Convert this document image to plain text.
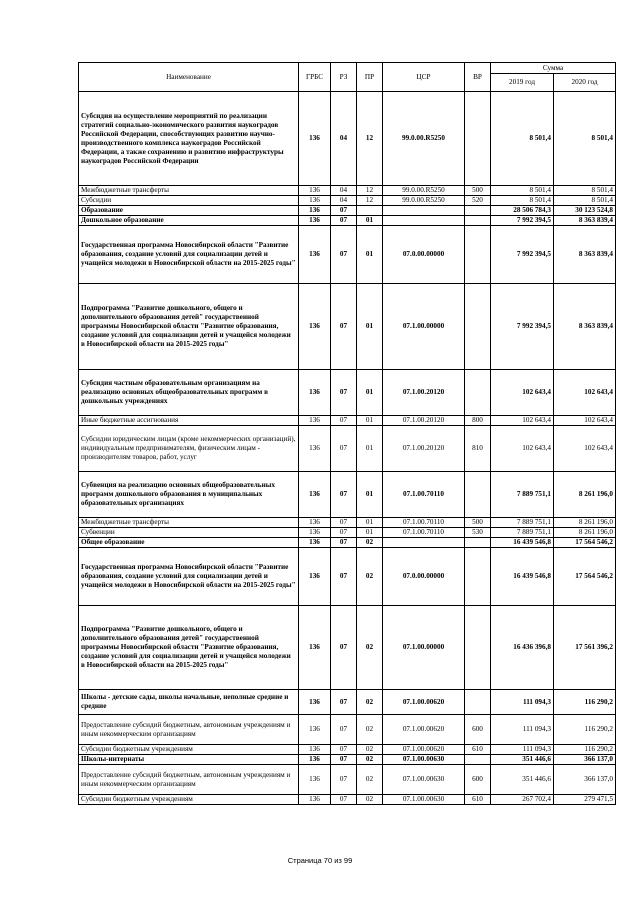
Наименование	ГРБС	РЗ	ПР	ЦСР	ВР	Сумма	
						2019 год	2020 год
Субсидия на осуществление мероприятий по реализации стратегий социально-экономического развития наукоградов Российской Федерации, способствующих развитию научно-производственного комплекса наукоградов Российской Федерации, а также сохранению и развитию инфраструктуры наукоградов Российской Федерации	136	04	12	99.0.00.R5250		8 501,4	8 501,4
Межбюджетные трансферты	136	04	12	99.0.00.R5250	500	8 501,4	8 501,4
Субсидии	136	04	12	99.0.00.R5250	520	8 501,4	8 501,4
Образование	136	07				28 506 784,3	30 123 524,8
Дошкольное образование	136	07	01			7 992 394,5	8 363 839,4
Государственная программа Новосибирской области "Развитие образования, создание условий для социализации детей и учащейся молодежи в Новосибирской области на 2015-2025 годы"	136	07	01	07.0.00.00000		7 992 394,5	8 363 839,4
Подпрограмма "Развитие дошкольного, общего и дополнительного образования детей" государственной программы Новосибирской области "Развитие образования, создание условий для социализации детей и учащейся молодежи в Новосибирской области на 2015-2025 годы"	136	07	01	07.1.00.00000		7 992 394,5	8 363 839,4
Субсидия частным образовательным организациям на реализацию основных общеобразовательных программ в дошкольных учреждениях	136	07	01	07.1.00.20120		102 643,4	102 643,4
Иные бюджетные ассигнования	136	07	01	07.1.00.20120	800	102 643,4	102 643,4
Субсидии юридическим лицам (кроме некоммерческих организаций), индивидуальным предпринимателям, физическим лицам - производителям товаров, работ, услуг	136	07	01	07.1.00.20120	810	102 643,4	102 643,4
Субвенция на реализацию основных общеобразовательных программ дошкольного образования в муниципальных образовательных организациях	136	07	01	07.1.00.70110		7 889 751,1	8 261 196,0
Межбюджетные трансферты	136	07	01	07.1.00.70110	500	7 889 751,1	8 261 196,0
Субвенции	136	07	01	07.1.00.70110	530	7 889 751,1	8 261 196,0
Общее образование	136	07	02			16 439 546,8	17 564 546,2
Государственная программа Новосибирской области "Развитие образования, создание условий для социализации детей и учащейся молодежи в Новосибирской области на 2015-2025 годы"	136	07	02	07.0.00.00000		16 439 546,8	17 564 546,2
Подпрограмма "Развитие дошкольного, общего и дополнительного образования детей" государственной программы Новосибирской области "Развитие образования, создание условий для социализации детей и учащейся молодежи в Новосибирской области на 2015-2025 годы"	136	07	02	07.1.00.00000		16 436 396,8	17 561 396,2
Школы - детские сады, школы начальные, неполные средние и средние	136	07	02	07.1.00.00620		111 094,3	116 290,2
Предоставление субсидий бюджетным, автономным учреждениям и иным некоммерческим организациям	136	07	02	07.1.00.00620	600	111 094,3	116 290,2
Субсидии бюджетным учреждениям	136	07	02	07.1.00.00620	610	111 094,3	116 290,2
Школы-интернаты	136	07	02	07.1.00.00630		351 446,6	366 137,0
Предоставление субсидий бюджетным, автономным учреждениям и иным некоммерческим организациям	136	07	02	07.1.00.00630	600	351 446,6	366 137,0
Субсидии бюджетным учреждениям	136	07	02	07.1.00.00630	610	267 702,4	279 471,5
Страница 70 из 99
